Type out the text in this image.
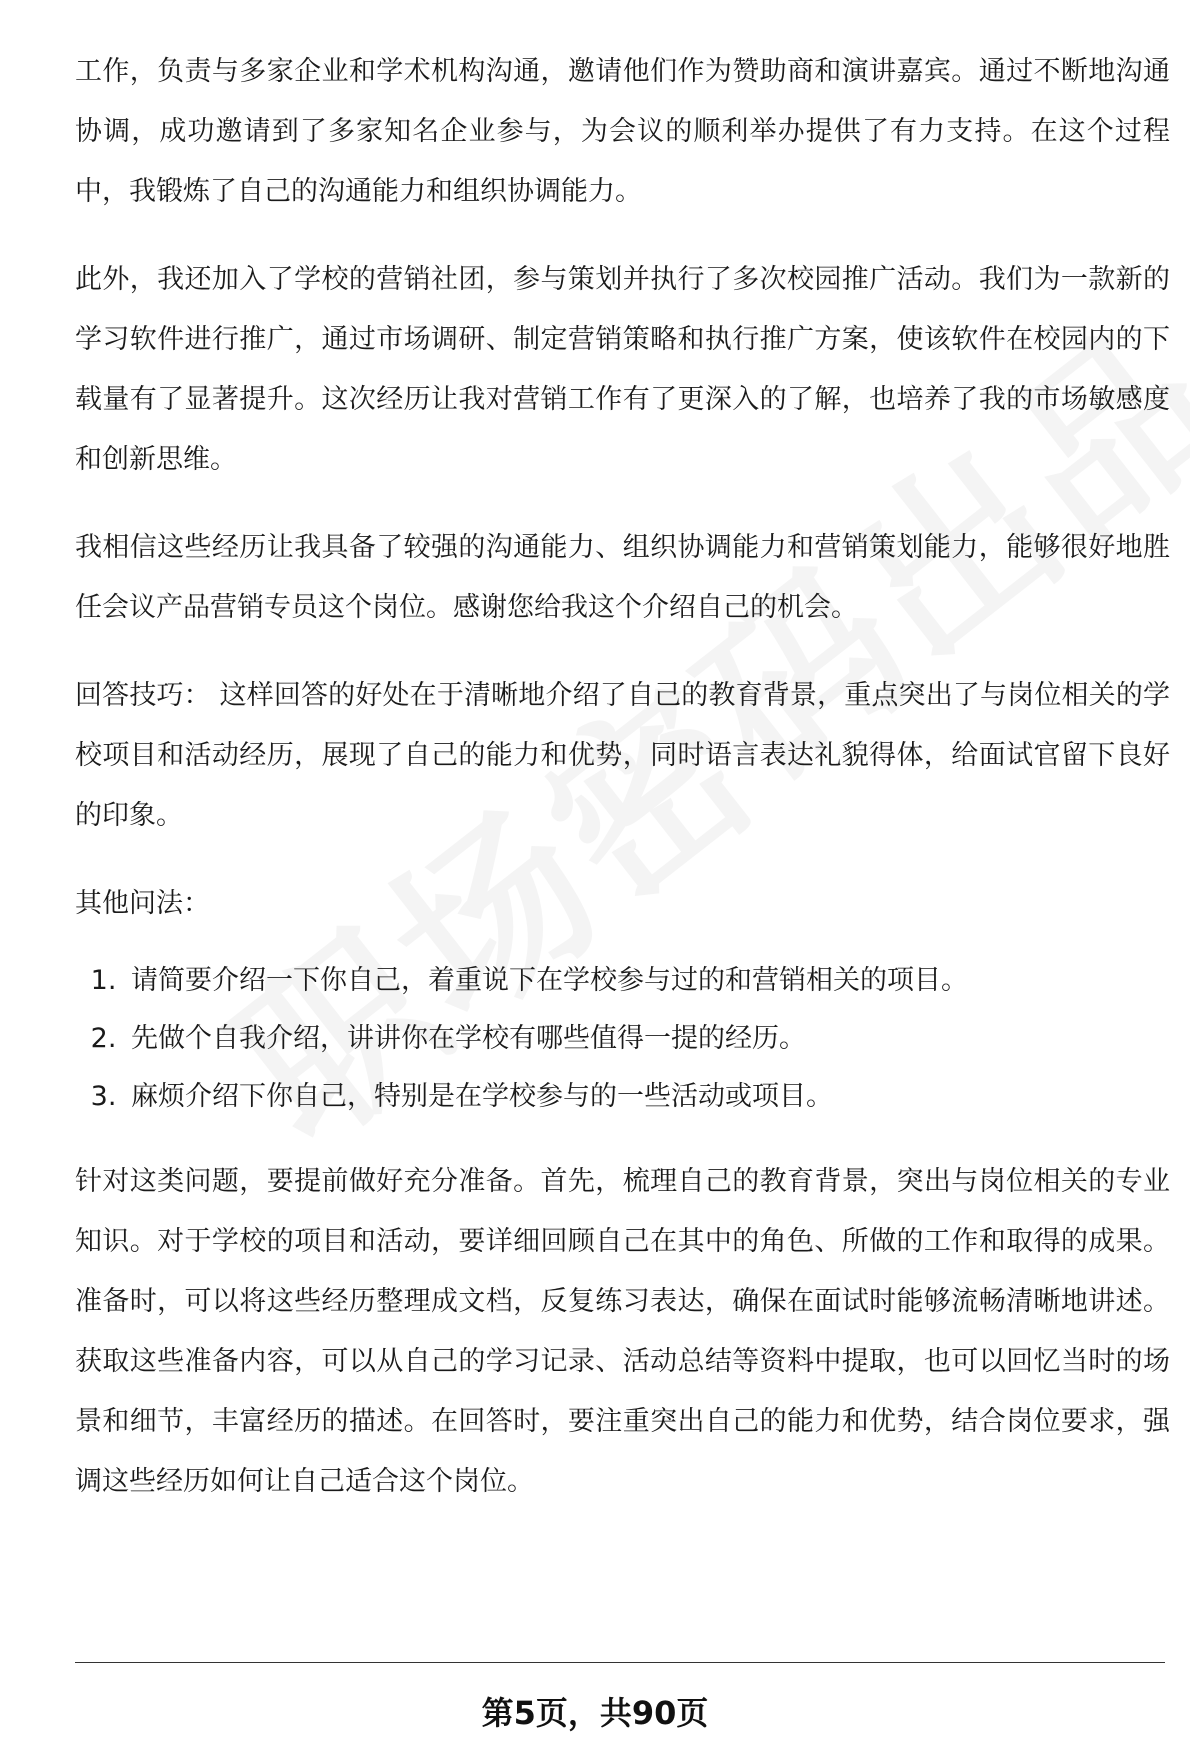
工作，负责与多家企业和学术机构沟通，邀请他们作为赞助商和演讲嘉宾。通过不断地沟通协调，成功邀请到了多家知名企业参与，为会议的顺利举办提供了有力支持。在这个过程中，我锻炼了自己的沟通能力和组织协调能力。

此外，我还加入了学校的营销社团，参与策划并执行了多次校园推广活动。我们为一款新的学习软件进行推广，通过市场调研、制定营销策略和执行推广方案，使该软件在校园内的下载量有了显著提升。这次经历让我对营销工作有了更深入的了解，也培养了我的市场敏感度和创新思维。

我相信这些经历让我具备了较强的沟通能力、组织协调能力和营销策划能力，能够很好地胜任会议产品营销专员这个岗位。感谢您给我这个介绍自己的机会。

回答技巧： 这样回答的好处在于清晰地介绍了自己的教育背景，重点突出了与岗位相关的学校项目和活动经历，展现了自己的能力和优势，同时语言表达礼貌得体，给面试官留下良好的印象。

其他问法：

1. 请简要介绍一下你自己，着重说下在学校参与过的和营销相关的项目。
2. 先做个自我介绍，讲讲你在学校有哪些值得一提的经历。
3. 麻烦介绍下你自己，特别是在学校参与的一些活动或项目。

针对这类问题，要提前做好充分准备。首先，梳理自己的教育背景，突出与岗位相关的专业知识。对于学校的项目和活动，要详细回顾自己在其中的角色、所做的工作和取得的成果。准备时，可以将这些经历整理成文档，反复练习表达，确保在面试时能够流畅清晰地讲述。获取这些准备内容，可以从自己的学习记录、活动总结等资料中提取，也可以回忆当时的场景和细节，丰富经历的描述。在回答时，要注重突出自己的能力和优势，结合岗位要求，强调这些经历如何让自己适合这个岗位。

第5页，共90页
